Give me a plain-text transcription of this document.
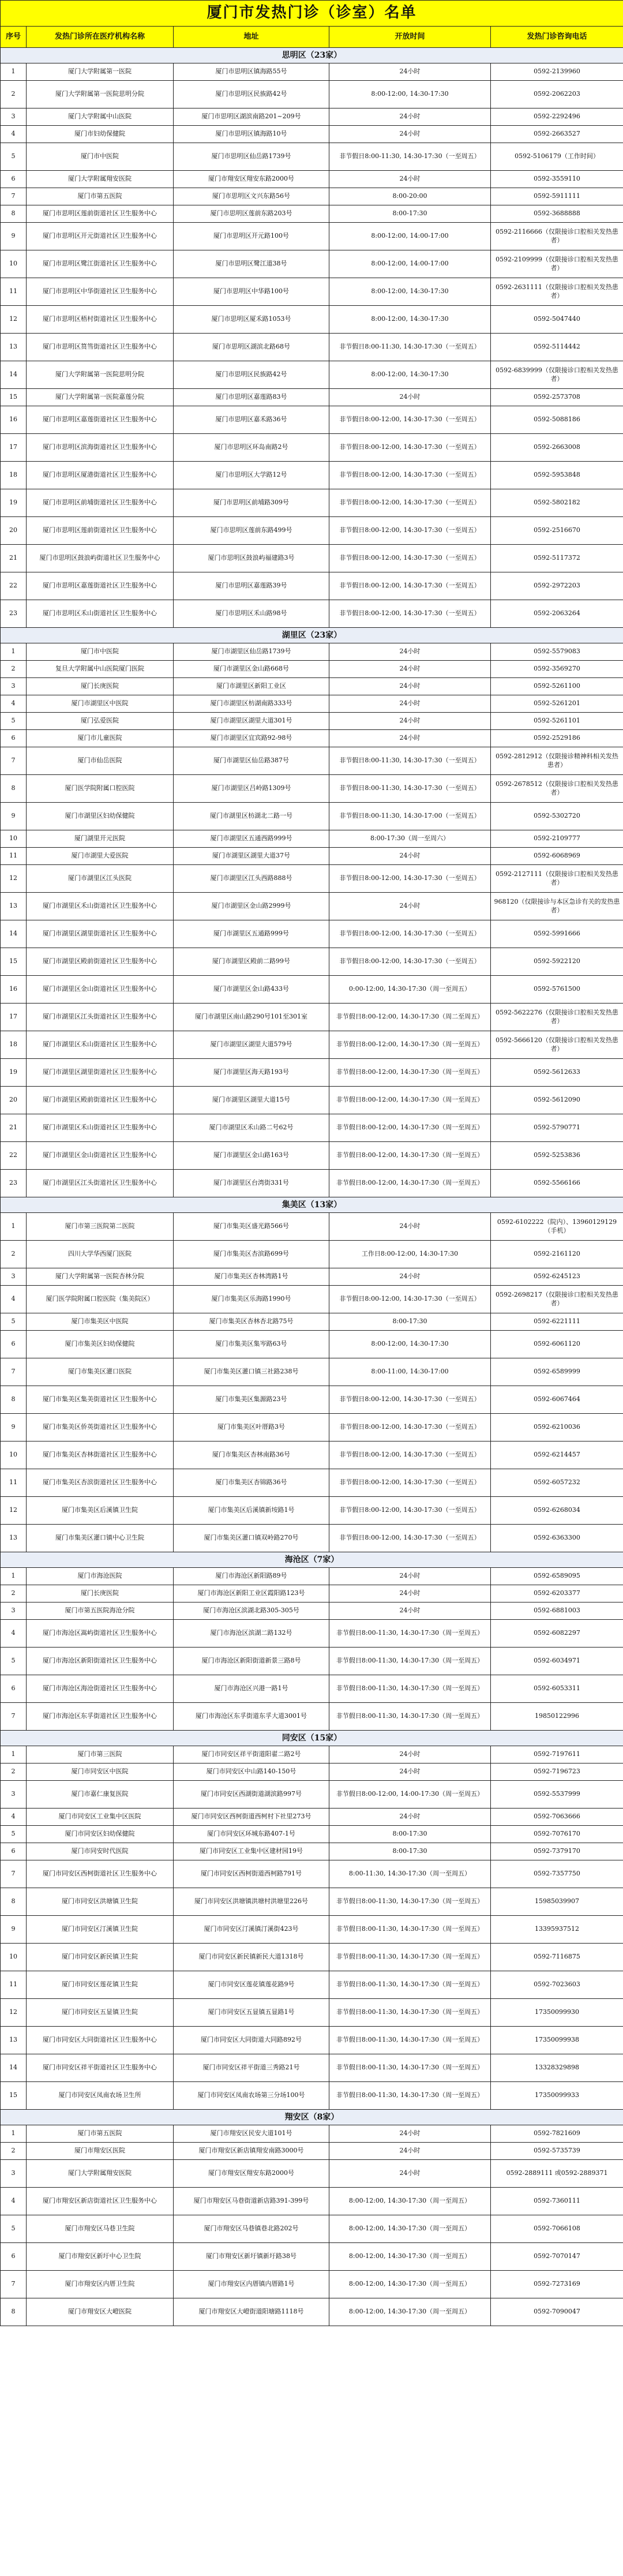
厦门市发热门诊（诊室）名单				
序号	发热门诊所在医疗机构名称	地址	开放时间	发热门诊咨询电话
思明区（23家）				
1	厦门大学附属第一医院	厦门市思明区镇海路55号	24小时	0592-2139960
2	厦门大学附属第一医院思明分院	厦门市思明区民族路42号	8:00-12:00, 14:30-17:30	0592-2062203
3	厦门大学附属中山医院	厦门市思明区湖滨南路201~209号	24小时	0592-2292496
4	厦门市妇幼保健院	厦门市思明区镇海路10号	24小时	0592-2663527
5	厦门市中医院	厦门市思明区仙岳路1739号	非节假日8:00-11:30, 14:30-17:30（一至周五）	0592-5106179（工作时间）
6	厦门大学附属翔安医院	厦门市翔安区翔安东路2000号	24小时	0592-3559110
7	厦门市第五医院	厦门市思明区文兴东路56号	8:00-20:00	0592-5911111
8	厦门市思明区莲前街道社区卫生服务中心	厦门市思明区莲前东路203号	8:00-17:30	0592-3688888
9	厦门市思明区开元街道社区卫生服务中心	厦门市思明区开元路100号	8:00-12:00, 14:00-17:00	0592-2116666（仅限接诊口腔相关发热患者）
10	厦门市思明区鹭江街道社区卫生服务中心	厦门市思明区鹭江道38号	8:00-12:00, 14:00-17:00	0592-2109999（仅限接诊口腔相关发热患者）
11	厦门市思明区中华街道社区卫生服务中心	厦门市思明区中华路100号	8:00-12:00, 14:30-17:30	0592-2631111（仅限接诊口腔相关发热患者）
12	厦门市思明区梧村街道社区卫生服务中心	厦门市思明区厦禾路1053号	8:00-12:00, 14:30-17:30	0592-5047440
13	厦门市思明区筼筜街道社区卫生服务中心	厦门市思明区湖滨北路68号	非节假日8:00-11:30, 14:30-17:30（一至周五）	0592-5114442
14	厦门大学附属第一医院思明分院	厦门市思明区民族路42号	8:00-12:00, 14:30-17:30	0592-6839999（仅限接诊口腔相关发热患者）
15	厦门大学附属第一医院嘉莲分院	厦门市思明区嘉莲路83号	24小时	0592-2573708
16	厦门市思明区嘉莲街道社区卫生服务中心	厦门市思明区嘉禾路36号	非节假日8:00-12:00, 14:30-17:30（一至周五）	0592-5088186
17	厦门市思明区滨海街道社区卫生服务中心	厦门市思明区环岛南路2号	非节假日8:00-12:00, 14:30-17:30（一至周五）	0592-2663008
18	厦门市思明区厦港街道社区卫生服务中心	厦门市思明区大学路12号	非节假日8:00-12:00, 14:30-17:30（一至周五）	0592-5953848
19	厦门市思明区前埔街道社区卫生服务中心	厦门市思明区前埔路309号	非节假日8:00-12:00, 14:30-17:30（一至周五）	0592-5802182
20	厦门市思明区莲前街道社区卫生服务中心	厦门市思明区莲前东路499号	非节假日8:00-12:00, 14:30-17:30（一至周五）	0592-2516670
21	厦门市思明区鼓浪屿街道社区卫生服务中心	厦门市思明区鼓浪屿福建路3号	非节假日8:00-12:00, 14:30-17:30（一至周五）	0592-5117372
22	厦门市思明区嘉莲街道社区卫生服务中心	厦门市思明区嘉莲路39号	非节假日8:00-12:00, 14:30-17:30（一至周五）	0592-2972203
23	厦门市思明区禾山街道社区卫生服务中心	厦门市思明区禾山路98号	非节假日8:00-12:00, 14:30-17:30（一至周五）	0592-2063264
湖里区（23家）				
1	厦门市中医院	厦门市湖里区仙岳路1739号	24小时	0592-5579083
2	复旦大学附属中山医院厦门医院	厦门市湖里区金山路668号	24小时	0592-3569270
3	厦门长庚医院	厦门市湖里区新阳工业区	24小时	0592-5261100
4	厦门市湖里区中医院	厦门市湖里区枋湖南路333号	24小时	0592-5261201
5	厦门弘爱医院	厦门市湖里区湖里大道301号	24小时	0592-5261101
6	厦门市儿童医院	厦门市湖里区宜宾路92-98号	24小时	0592-2529186
7	厦门市仙岳医院	厦门市湖里区仙岳路387号	非节假日8:00-11:30, 14:30-17:30（一至周五）	0592-2812912（仅限接诊精神科相关发热患者）
8	厦门医学院附属口腔医院	厦门市湖里区吕岭路1309号	非节假日8:00-11:30, 14:30-17:30（一至周五）	0592-2678512（仅限接诊口腔相关发热患者）
9	厦门市湖里区妇幼保健院	厦门市湖里区枋湖北二路一号	非节假日8:00-11:30, 14:30-17:00（一至周五）	0592-5302720
10	厦门湖里开元医院	厦门市湖里区五通西路999号	8:00-17:30（周一至周六）	0592-2109777
11	厦门市湖里大爱医院	厦门市湖里区湖里大道37号	24小时	0592-6068969
12	厦门市湖里区江头医院	厦门市湖里区江头西路888号	非节假日8:00-12:00, 14:30-17:30（一至周五）	0592-2127111（仅限接诊口腔相关发热患者）
13	厦门市湖里区禾山街道社区卫生服务中心	厦门市湖里区金山路2999号	24小时	968120（仅限接诊与本区急诊有关的发热患者）
14	厦门市湖里区湖里街道社区卫生服务中心	厦门市湖里区五通路999号	非节假日8:00-12:00, 14:30-17:30（一至周五）	0592-5991666
15	厦门市湖里区殿前街道社区卫生服务中心	厦门市湖里区殿前二路99号	非节假日8:00-12:00, 14:30-17:30（一至周五）	0592-5922120
16	厦门市湖里区金山街道社区卫生服务中心	厦门市湖里区金山路433号	0:00-12:00, 14:30-17:30（周一至周五）	0592-5761500
17	厦门市湖里区江头街道社区卫生服务中心	厦门市湖里区南山路290号101至301室	非节假日8:00-12:00, 14:30-17:30（周二至周五）	0592-5622276（仅限接诊口腔相关发热患者）
18	厦门市湖里区禾山街道社区卫生服务中心	厦门市湖里区湖里大道579号	非节假日8:00-12:00, 14:30-17:30（周一至周五）	0592-5666120（仅限接诊口腔相关发热患者）
19	厦门市湖里区湖里街道社区卫生服务中心	厦门市湖里区海天路193号	非节假日8:00-12:00, 14:30-17:30（周一至周五）	0592-5612633
20	厦门市湖里区殿前街道社区卫生服务中心	厦门市湖里区湖里大道15号	非节假日8:00-12:00, 14:30-17:30（周一至周五）	0592-5612090
21	厦门市湖里区禾山街道社区卫生服务中心	厦门市湖里区禾山路二号62号	非节假日8:00-12:00, 14:30-17:30（周一至周五）	0592-5790771
22	厦门市湖里区金山街道社区卫生服务中心	厦门市湖里区金山路163号	非节假日8:00-12:00, 14:30-17:30（周一至周五）	0592-5253836
23	厦门市湖里区江头街道社区卫生服务中心	厦门市湖里区台湾街331号	非节假日8:00-12:00, 14:30-17:30（周一至周五）	0592-5566166
集美区（13家）				
1	厦门市第三医院第二医院	厦门市集美区盛光路566号	24小时	0592-6102222（院内）、13960129129（手机）
2	四川大学华西厦门医院	厦门市集美区杏滨路699号	工作日8:00-12:00, 14:30-17:30	0592-2161120
3	厦门大学附属第一医院杏林分院	厦门市集美区杏林湾路1号	24小时	0592-6245123
4	厦门医学院附属口腔医院（集美院区）	厦门市集美区乐海路1990号	非节假日8:00-12:00, 14:30-17:30（一至周五）	0592-2698217（仅限接诊口腔相关发热患者）
5	厦门市集美区中医院	厦门市集美区杏林杏北路75号	8:00-17:30	0592-6221111
6	厦门市集美区妇幼保健院	厦门市集美区集岑路63号	8:00-12:00, 14:30-17:30	0592-6061120
7	厦门市集美区灌口医院	厦门市集美区灌口镇三社路238号	8:00-11:00, 14:30-17:00	0592-6589999
8	厦门市集美区集美街道社区卫生服务中心	厦门市集美区集源路23号	非节假日8:00-12:00, 14:30-17:30（一至周五）	0592-6067464
9	厦门市集美区侨英街道社区卫生服务中心	厦门市集美区叶厝路3号	非节假日8:00-12:00, 14:30-17:30（一至周五）	0592-6210036
10	厦门市集美区杏林街道社区卫生服务中心	厦门市集美区杏林南路36号	非节假日8:00-12:00, 14:30-17:30（一至周五）	0592-6214457
11	厦门市集美区杏滨街道社区卫生服务中心	厦门市集美区杏锦路36号	非节假日8:00-12:00, 14:30-17:30（一至周五）	0592-6057232
12	厦门市集美区后溪镇卫生院	厦门市集美区后溪镇新垵路1号	非节假日8:00-12:00, 14:30-17:30（一至周五）	0592-6268034
13	厦门市集美区灌口镇中心卫生院	厦门市集美区灌口镇双岭路270号	非节假日8:00-12:00, 14:30-17:30（一至周五）	0592-6363300
海沧区（7家）				
1	厦门市海沧医院	厦门市海沧区新阳路89号	24小时	0592-6589095
2	厦门长庚医院	厦门市海沧区新阳工业区霞阳路123号	24小时	0592-6203377
3	厦门市第五医院海沧分院	厦门市海沧区滨湖北路305-305号	24小时	0592-6881003
4	厦门市海沧区嵩屿街道社区卫生服务中心	厦门市海沧区滨湖二路132号	非节假日8:00-11:30, 14:30-17:30（周一至周五）	0592-6082297
5	厦门市海沧区新阳街道社区卫生服务中心	厦门市海沧区新阳街道新景三路8号	非节假日8:00-11:30, 14:30-17:30（周一至周五）	0592-6034971
6	厦门市海沧区海沧街道社区卫生服务中心	厦门市海沧区兴港一路1号	非节假日8:00-11:30, 14:30-17:30（周一至周五）	0592-6053311
7	厦门市海沧区东孚街道社区卫生服务中心	厦门市海沧区东孚街道东孚大道3001号	非节假日8:00-11:30, 14:30-17:30（周一至周五）	19850122996
同安区（15家）				
1	厦门市第三医院	厦门市同安区祥平街道阳翟二路2号	24小时	0592-7197611
2	厦门市同安区中医院	厦门市同安区中山路140-150号	24小时	0592-7196723
3	厦门市嘉仁康复医院	厦门市同安区西湖街道湖滨路997号	非节假日8:00-12:00, 14:00-17:30（周一至周五）	0592-5537999
4	厦门市同安区工业集中区医院	厦门市同安区西柯街道西柯村下社里273号	24小时	0592-7063666
5	厦门市同安区妇幼保健院	厦门市同安区环城东路407-1号	8:00-17:30	0592-7076170
6	厦门市同安时代医院	厦门市同安区工业集中区建材园19号	8:00-17:30	0592-7379170
7	厦门市同安区西柯街道社区卫生服务中心	厦门市同安区西柯街道西柯路791号	8:00-11:30, 14:30-17:30（周一至周五）	0592-7357750
8	厦门市同安区洪塘镇卫生院	厦门市同安区洪塘镇洪塘村洪塘里226号	非节假日8:00-11:30, 14:30-17:30（周一至周五）	15985039907
9	厦门市同安区汀溪镇卫生院	厦门市同安区汀溪镇汀溪街423号	非节假日8:00-11:30, 14:30-17:30（周一至周五）	13395937512
10	厦门市同安区新民镇卫生院	厦门市同安区新民镇新民大道1318号	非节假日8:00-11:30, 14:30-17:30（周一至周五）	0592-7116875
11	厦门市同安区莲花镇卫生院	厦门市同安区莲花镇莲花路9号	非节假日8:00-11:30, 14:30-17:30（周一至周五）	0592-7023603
12	厦门市同安区五显镇卫生院	厦门市同安区五显镇五显路1号	非节假日8:00-11:30, 14:30-17:30（周一至周五）	17350099930
13	厦门市同安区大同街道社区卫生服务中心	厦门市同安区大同街道大同路892号	非节假日8:00-11:30, 14:30-17:30（周一至周五）	17350099938
14	厦门市同安区祥平街道社区卫生服务中心	厦门市同安区祥平街道三秀路21号	非节假日8:00-11:30, 14:30-17:30（周一至周五）	13328329898
15	厦门市同安区凤南农场卫生所	厦门市同安区凤南农场第三分场100号	非节假日8:00-11:30, 14:30-17:30（周一至周五）	17350099933
翔安区（8家）				
1	厦门市第五医院	厦门市翔安区民安大道101号	24小时	0592-7821609
2	厦门市翔安区医院	厦门市翔安区新店镇翔安南路3000号	24小时	0592-5735739
3	厦门大学附属翔安医院	厦门市翔安区翔安东路2000号	24小时	0592-2889111 或0592-2889371
4	厦门市翔安区新店街道社区卫生服务中心	厦门市翔安区马巷街道新店路391-399号	8:00-12:00, 14:30-17:30（周一至周五）	0592-7360111
5	厦门市翔安区马巷卫生院	厦门市翔安区马巷镇巷北路202号	8:00-12:00, 14:30-17:30（周一至周五）	0592-7066108
6	厦门市翔安区新圩中心卫生院	厦门市翔安区新圩镇新圩路38号	8:00-12:00, 14:30-17:30（周一至周五）	0592-7070147
7	厦门市翔安区内厝卫生院	厦门市翔安区内厝镇内厝路1号	8:00-12:00, 14:30-17:30（周一至周五）	0592-7273169
8	厦门市翔安区大嶝医院	厦门市翔安区大嶝街道阳塘路1118号	8:00-12:00, 14:30-17:30（周一至周五）	0592-7090047
